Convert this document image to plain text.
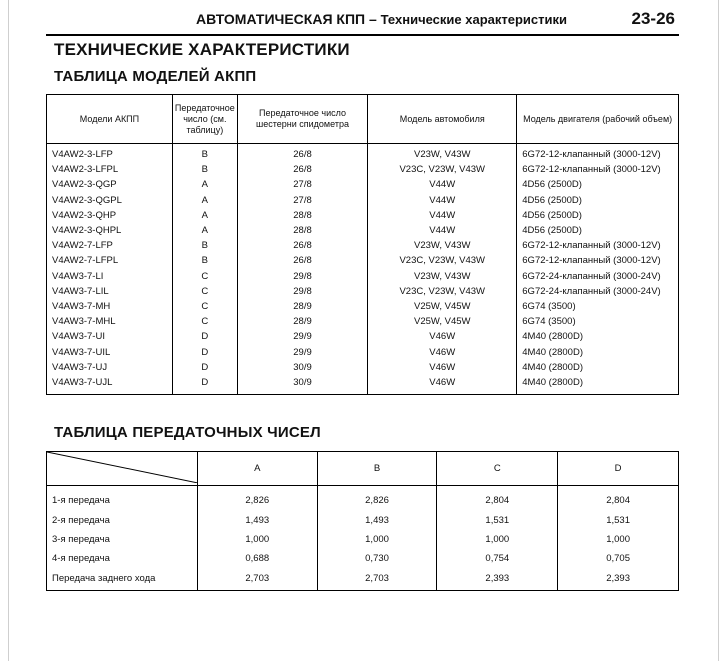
АВТОМАТИЧЕСКАЯ КПП – Технические характеристики	23-26
ТЕХНИЧЕСКИЕ ХАРАКТЕРИСТИКИ
ТАБЛИЦА МОДЕЛЕЙ АКПП
Модели АКПП	Передаточное число (см. таблицу)	Передаточное число шестерни спидометра	Модель автомобиля	Модель двигателя (рабочий объем)
V4AW2-3-LFP	B	26/8	V23W, V43W	6G72-12-клапанный (3000-12V)
V4AW2-3-LFPL	B	26/8	V23C, V23W, V43W	6G72-12-клапанный (3000-12V)
V4AW2-3-QGP	A	27/8	V44W	4D56 (2500D)
V4AW2-3-QGPL	A	27/8	V44W	4D56 (2500D)
V4AW2-3-QHP	A	28/8	V44W	4D56 (2500D)
V4AW2-3-QHPL	A	28/8	V44W	4D56 (2500D)
V4AW2-7-LFP	B	26/8	V23W, V43W	6G72-12-клапанный (3000-12V)
V4AW2-7-LFPL	B	26/8	V23C, V23W, V43W	6G72-12-клапанный (3000-12V)
V4AW3-7-LI	C	29/8	V23W, V43W	6G72-24-клапанный (3000-24V)
V4AW3-7-LIL	C	29/8	V23C, V23W, V43W	6G72-24-клапанный (3000-24V)
V4AW3-7-MH	C	28/9	V25W, V45W	6G74 (3500)
V4AW3-7-MHL	C	28/9	V25W, V45W	6G74 (3500)
V4AW3-7-UI	D	29/9	V46W	4M40 (2800D)
V4AW3-7-UIL	D	29/9	V46W	4M40 (2800D)
V4AW3-7-UJ	D	30/9	V46W	4M40 (2800D)
V4AW3-7-UJL	D	30/9	V46W	4M40 (2800D)
ТАБЛИЦА ПЕРЕДАТОЧНЫХ ЧИСЕЛ
	A	B	C	D
1-я передача	2,826	2,826	2,804	2,804
2-я передача	1,493	1,493	1,531	1,531
3-я передача	1,000	1,000	1,000	1,000
4-я передача	0,688	0,730	0,754	0,705
Передача заднего хода	2,703	2,703	2,393	2,393
